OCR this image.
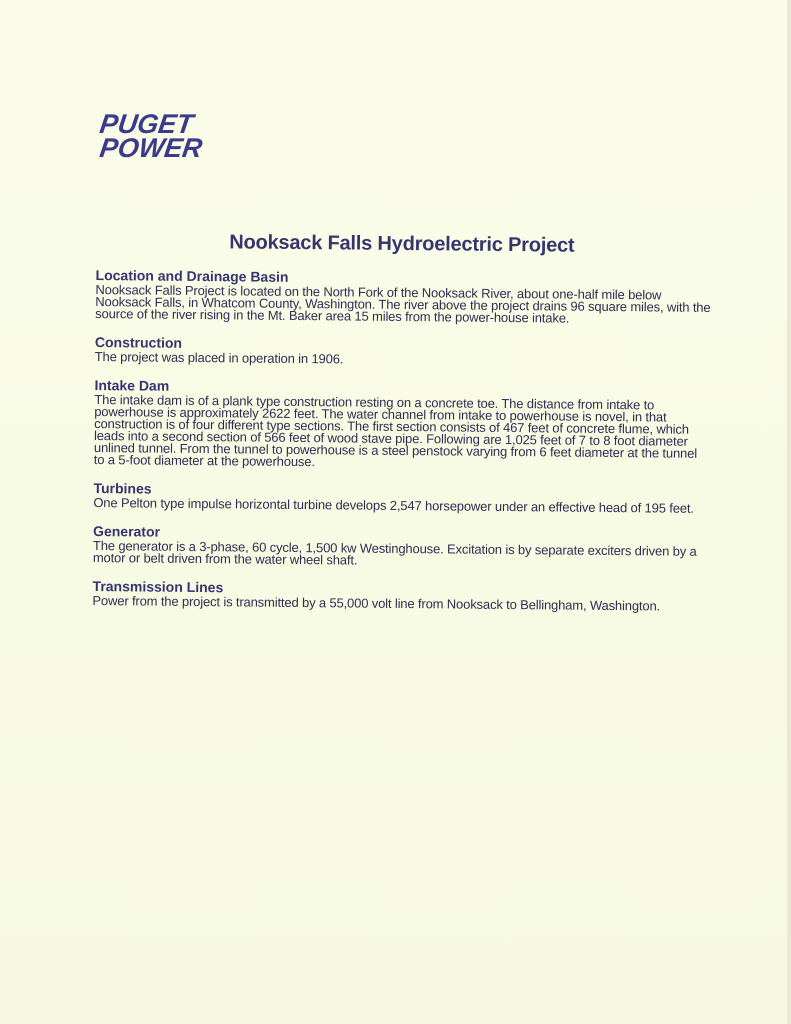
PUGET
POWER
Nooksack Falls Hydroelectric Project
Location and Drainage Basin
Nooksack Falls Project is located on the North Fork of the Nooksack River, about one-half mile below Nooksack Falls, in Whatcom County, Washington. The river above the project drains 96 square miles, with the source of the river rising in the Mt. Baker area 15 miles from the power-house intake.
Construction
The project was placed in operation in 1906.
Intake Dam
The intake dam is of a plank type construction resting on a concrete toe. The distance from intake to powerhouse is approximately 2622 feet. The water channel from intake to powerhouse is novel, in that construction is of four different type sections. The first section consists of 467 feet of concrete flume, which leads into a second section of 566 feet of wood stave pipe. Following are 1,025 feet of 7 to 8 foot diameter unlined tunnel. From the tunnel to powerhouse is a steel penstock varying from 6 feet diameter at the tunnel to a 5-foot diameter at the powerhouse.
Turbines
One Pelton type impulse horizontal turbine develops 2,547 horsepower under an effective head of 195 feet.
Generator
The generator is a 3-phase, 60 cycle, 1,500 kw Westinghouse. Excitation is by separate exciters driven by a motor or belt driven from the water wheel shaft.
Transmission Lines
Power from the project is transmitted by a 55,000 volt line from Nooksack to Bellingham, Washington.
